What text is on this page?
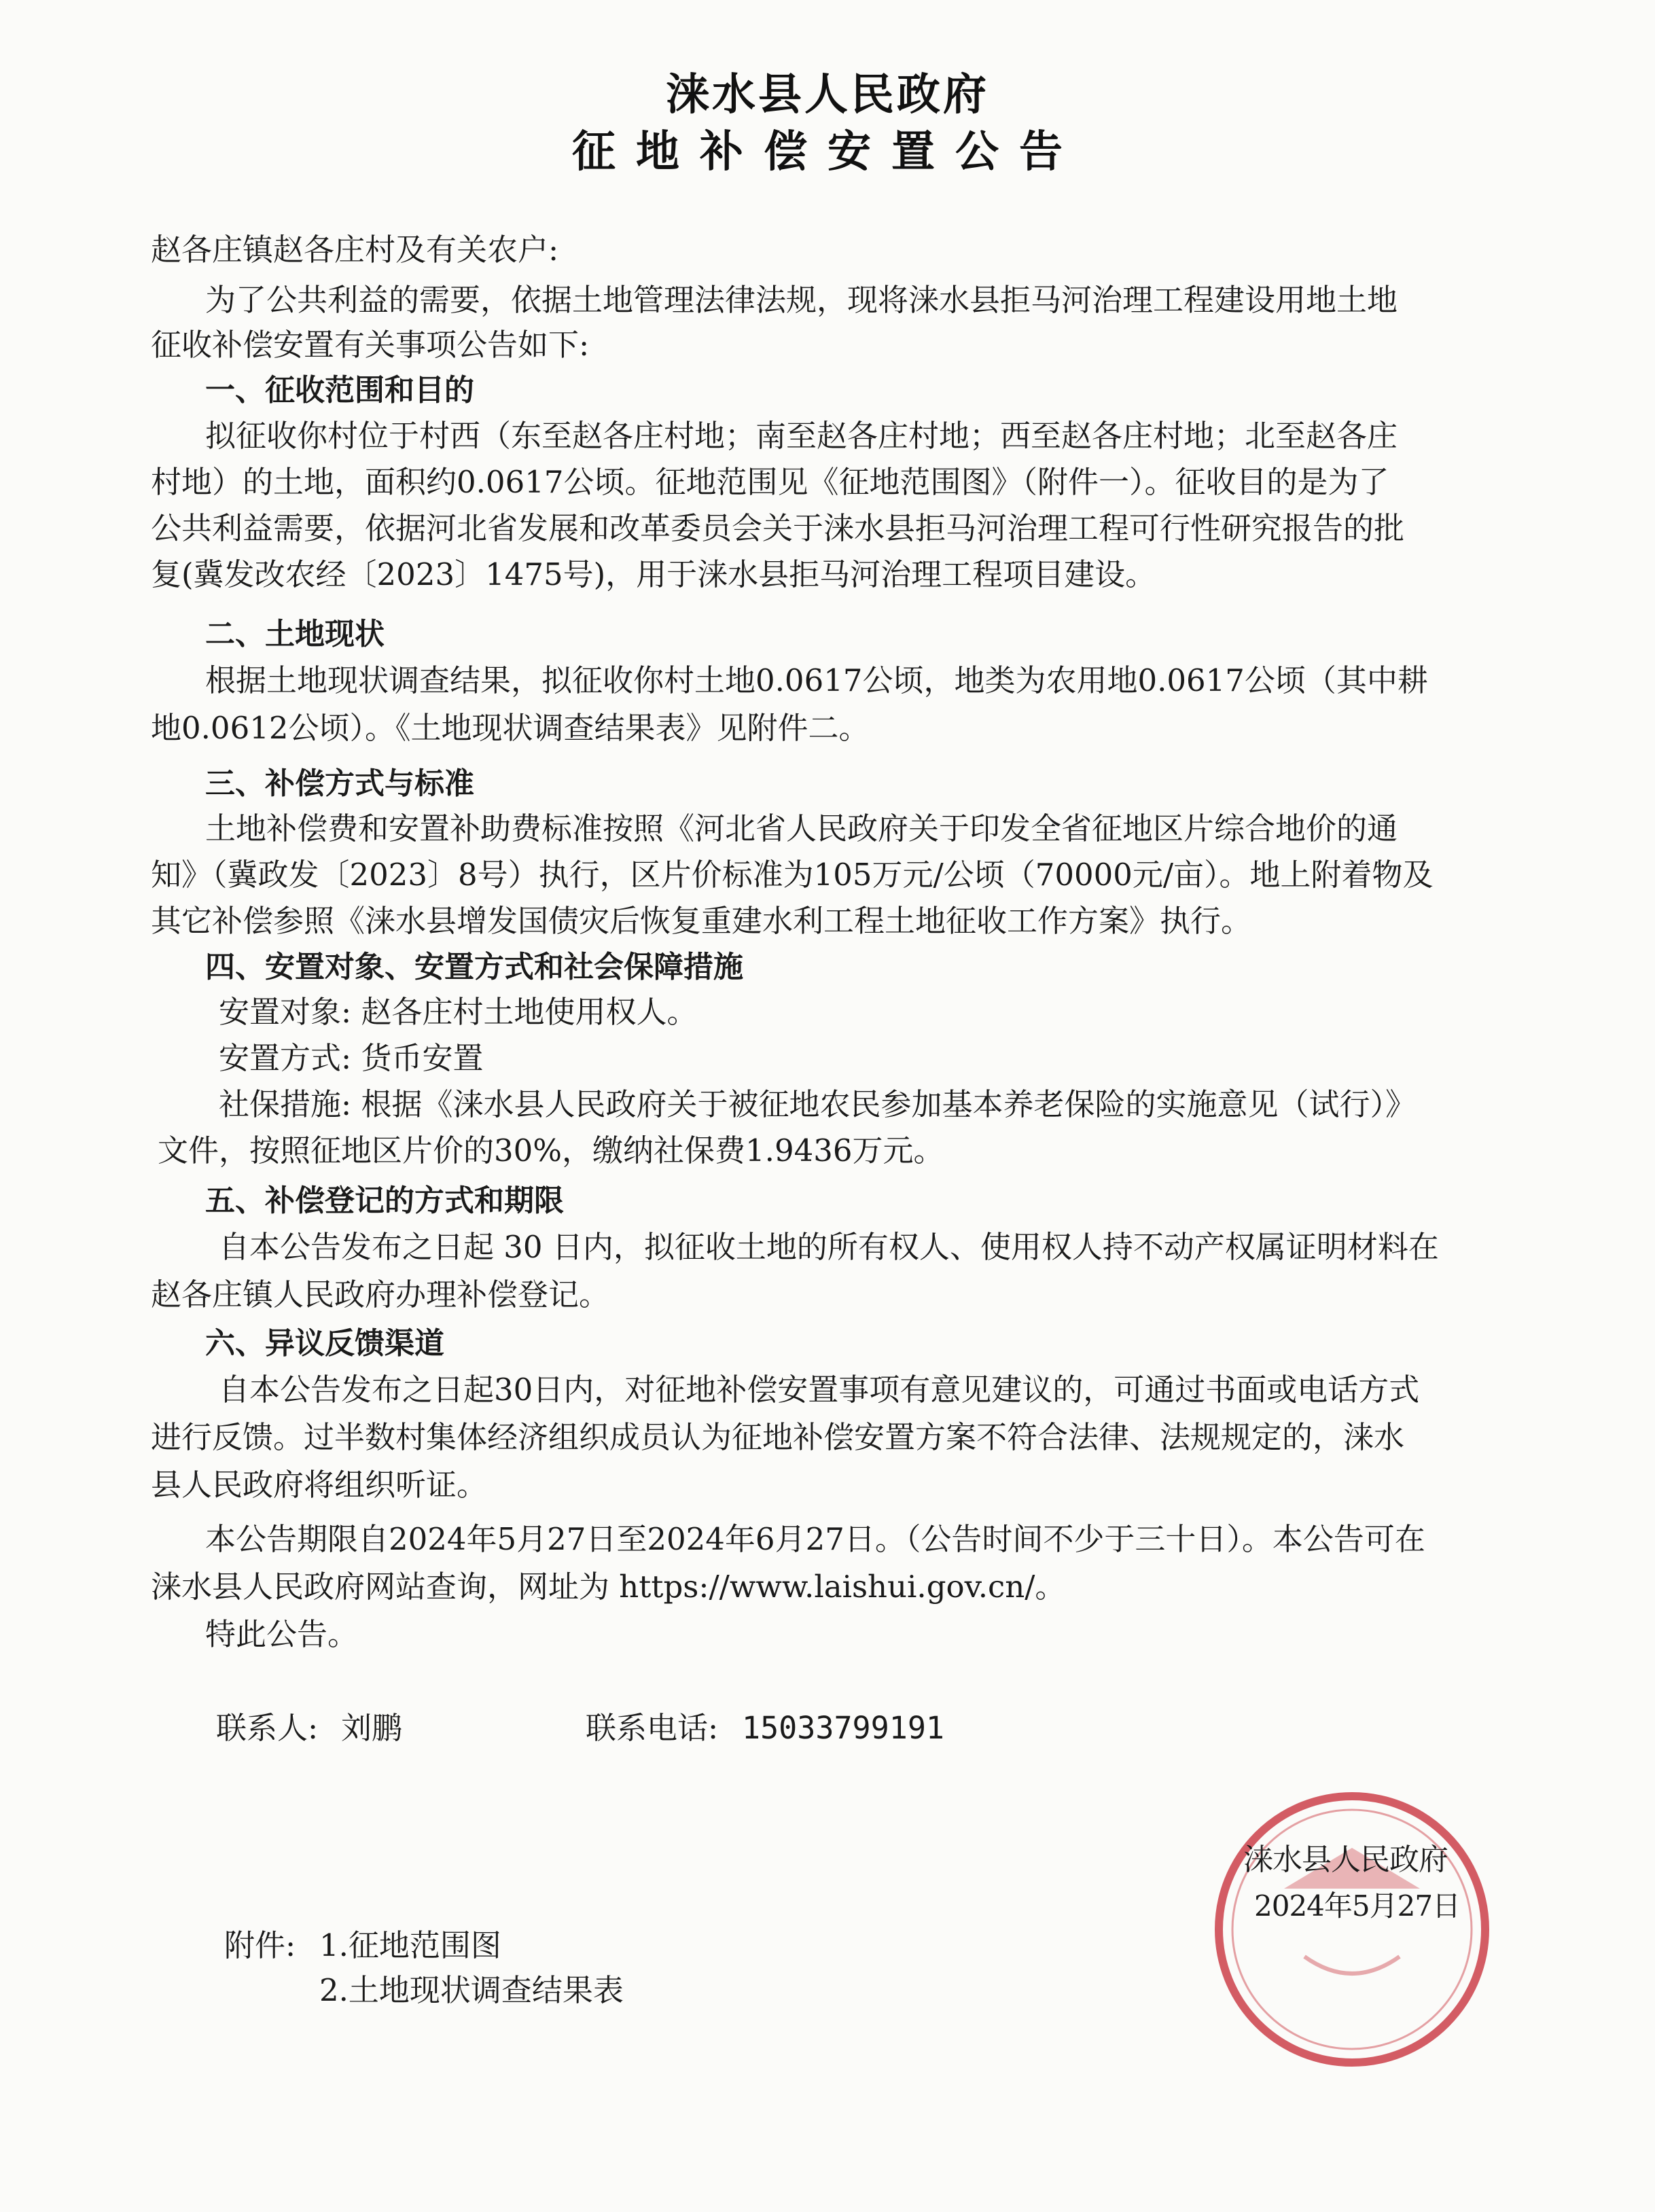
涞水县人民政府
征地补偿安置公告
赵各庄镇赵各庄村及有关农户:
为了公共利益的需要，依据土地管理法律法规，现将涞水县拒马河治理工程建设用地土地
征收补偿安置有关事项公告如下:
一、征收范围和目的
拟征收你村位于村西（东至赵各庄村地；南至赵各庄村地；西至赵各庄村地；北至赵各庄
村地）的土地，面积约0.0617公顷。征地范围见《征地范围图》（附件一）。征收目的是为了
公共利益需要，依据河北省发展和改革委员会关于涞水县拒马河治理工程可行性研究报告的批
复(冀发改农经〔2023〕1475号)，用于涞水县拒马河治理工程项目建设。
二、土地现状
根据土地现状调查结果，拟征收你村土地0.0617公顷，地类为农用地0.0617公顷（其中耕
地0.0612公顷）。《土地现状调查结果表》见附件二。
三、补偿方式与标准
土地补偿费和安置补助费标准按照《河北省人民政府关于印发全省征地区片综合地价的通
知》（冀政发〔2023〕8号）执行，区片价标准为105万元/公顷（70000元/亩）。地上附着物及
其它补偿参照《涞水县增发国债灾后恢复重建水利工程土地征收工作方案》执行。
四、安置对象、安置方式和社会保障措施
安置对象: 赵各庄村土地使用权人。
安置方式: 货币安置
社保措施: 根据《涞水县人民政府关于被征地农民参加基本养老保险的实施意见（试行）》
文件，按照征地区片价的30%，缴纳社保费1.9436万元。
五、补偿登记的方式和期限
自本公告发布之日起 30 日内，拟征收土地的所有权人、使用权人持不动产权属证明材料在
赵各庄镇人民政府办理补偿登记。
六、异议反馈渠道
自本公告发布之日起30日内，对征地补偿安置事项有意见建议的，可通过书面或电话方式
进行反馈。过半数村集体经济组织成员认为征地补偿安置方案不符合法律、法规规定的，涞水
县人民政府将组织听证。
本公告期限自2024年5月27日至2024年6月27日。（公告时间不少于三十日）。本公告可在
涞水县人民政府网站查询，网址为 https://www.laishui.gov.cn/。
特此公告。
联系人: 刘鹏	联系电话: 15033799191
涞水县人民政府
2024年5月27日
附件: 1.征地范围图
2.土地现状调查结果表
